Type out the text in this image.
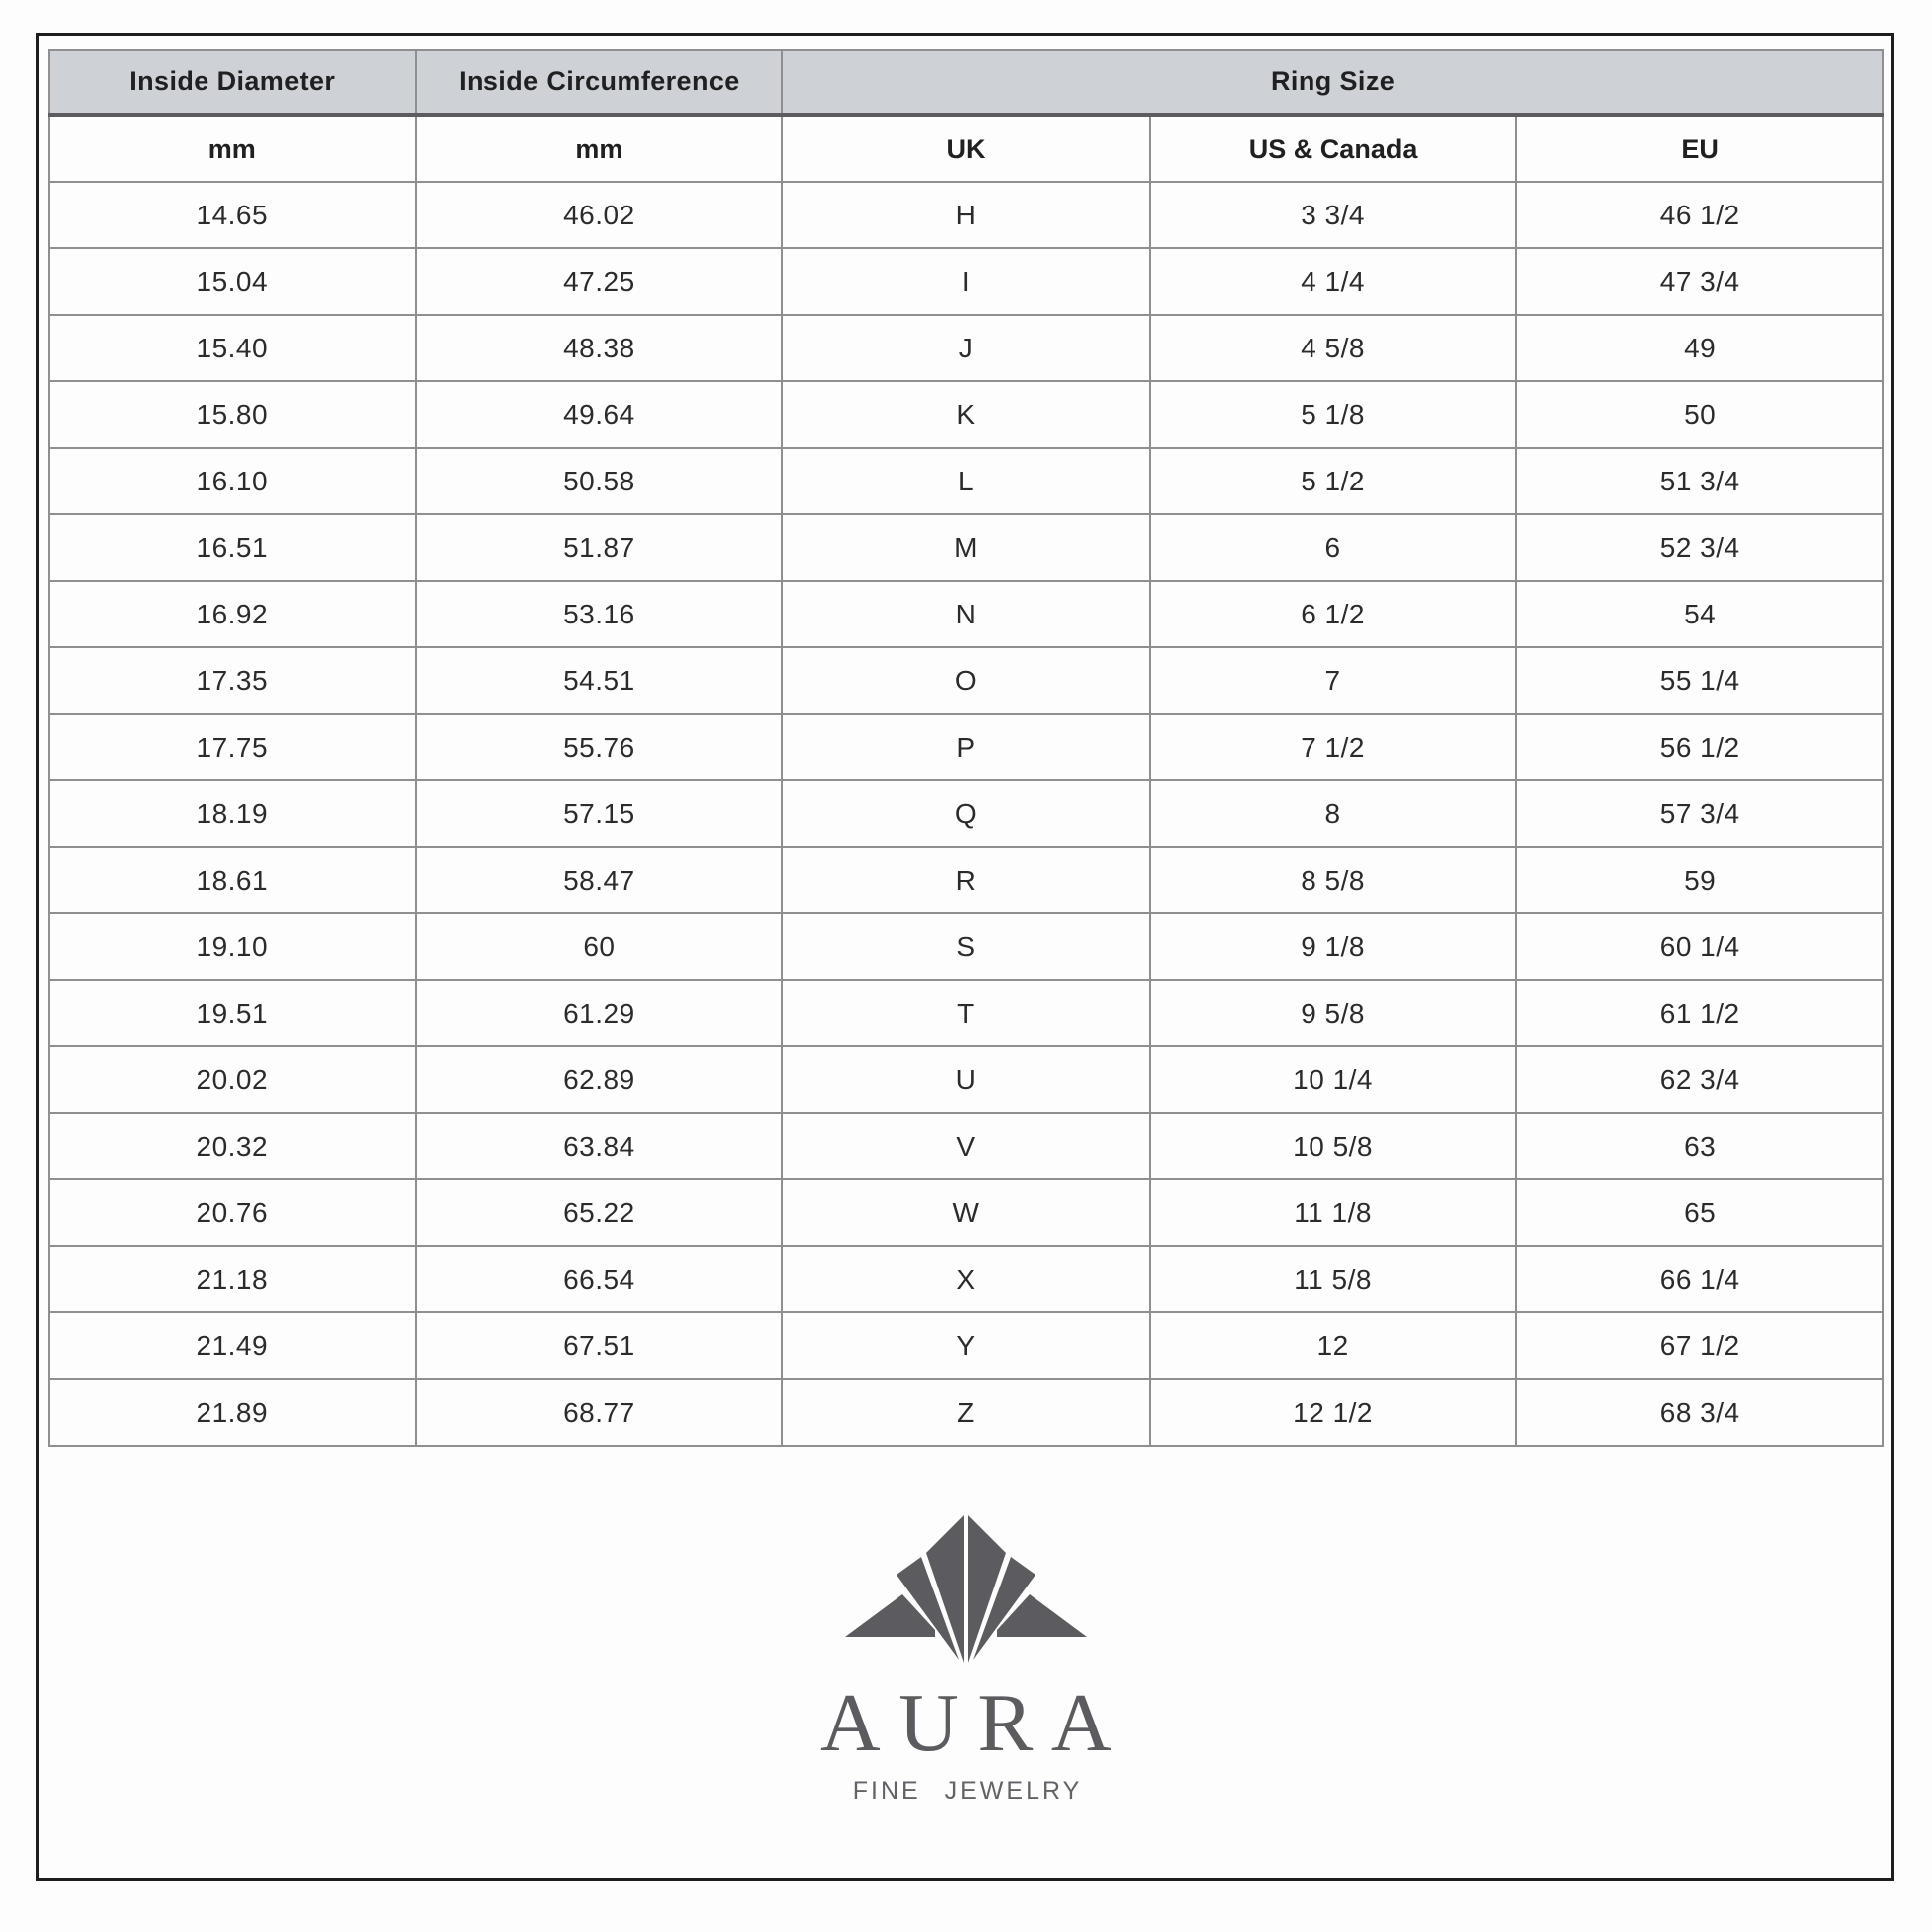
Inside Diameter	Inside Circumference	Ring Size		
mm	mm	UK	US & Canada	EU
14.65	46.02	H	3 3/4	46 1/2
15.04	47.25	I	4 1/4	47 3/4
15.40	48.38	J	4 5/8	49
15.80	49.64	K	5 1/8	50
16.10	50.58	L	5 1/2	51 3/4
16.51	51.87	M	6	52 3/4
16.92	53.16	N	6 1/2	54
17.35	54.51	O	7	55 1/4
17.75	55.76	P	7 1/2	56 1/2
18.19	57.15	Q	8	57 3/4
18.61	58.47	R	8 5/8	59
19.10	60	S	9 1/8	60 1/4
19.51	61.29	T	9 5/8	61 1/2
20.02	62.89	U	10 1/4	62 3/4
20.32	63.84	V	10 5/8	63
20.76	65.22	W	11 1/8	65
21.18	66.54	X	11 5/8	66 1/4
21.49	67.51	Y	12	67 1/2
21.89	68.77	Z	12 1/2	68 3/4
AURA
FINE JEWELRY
